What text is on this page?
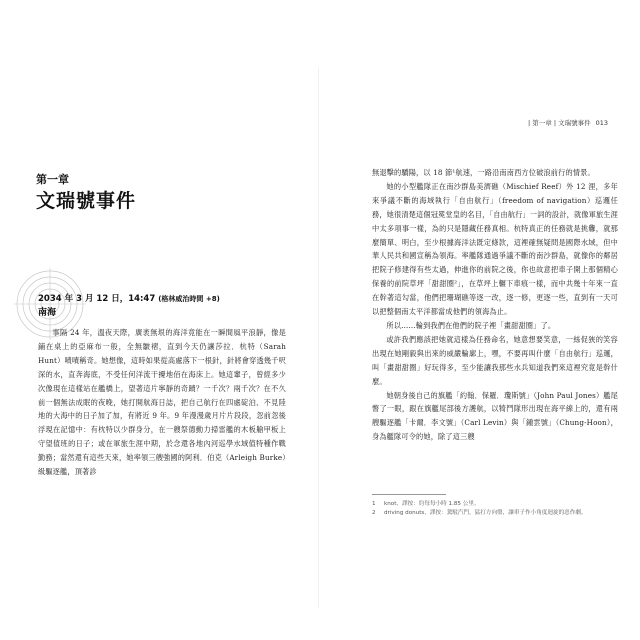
| 第一章 | 文瑞號事件 013
第一章
文瑞號事件
2034 年 3 月 12 日，14:47 (格林威治時間 +8)
南海

事隔 24 年，溫夜天際，廣袤無垠的海洋竟能在一瞬間風平浪靜，像是鋪在桌上的亞麻布一般，全無皺褶，直到今天仍讓莎拉．杭特（Sarah Hunt）嘖嘖稱奇。她想像，這時如果從高處落下一根針，針將會穿透幾千呎深的水，直奔海底，不受任何洋流干擾地佰在海床上。她這輩子，曾經多少次像現在這樣站在艦橋上，望著這片寧靜的奇蹟？一千次？兩千次？在不久前一個無法成眠的夜晚，她打開航海日誌，把自己航行在四處碇泊、不見陸地的大海中的日子加了加，有將近 9 年。9 年漫漫歲月片片段段，忽前忽後浮現在記憶中：有枕特以少群身分，在一艘祭德動力掃雷艦的木板艙甲板上守望值班的日子；或在軍旅生涯中期，於念還各地內河巡學水域值特種作戰勤務；當然還有這些天來，她率領三艘強國的阿利．伯克（Arleigh Burke）級驅逐艦，頂著診

無退擊的驕陽，以 18 節¹航速，一路沿南南西方位破浪前行的情景。

她的小型艦隊正在南沙群島美濟礁（Mischief Reef）外 12 浬，多年來爭議不斷的海域執行「自由航行」（freedom of navigation）巡邏任務，她很清楚這個冠冕堂皇的名目，「自由航行」一詞的設計，就像軍旅生涯中太多項事一樣，為的只是隱藏任務真相。杭特真正的任務就是挑釁，就那麼簡單、明白，至少根據海洋法既定條款，這裡確無疑問是國際水域，但中華人民共和國宣稱為領海。率艦隊通過爭議不斷的南沙群島，就像你的鄰居把院子修建得有些太過，伸進你的前院之後，你也故意把車子開上那個精心保養的前院草坪「甜甜圈²」，在草坪上輾下車痕一樣，而中共幾十年來一直在幹著這勾當，他們把珊瑚礁等逐一改，逐一修，更逐一些，直到有一天可以把整個南太平洋都當成他們的領海為止。

所以……輪到我們在他們的院子裡「畫甜甜圈」了。

或許我們應該把她就這樣為任務命名，她意想要笑意，一絲促狹的笑容出現在她剛毅與出來的威嚴輪廓上，嘿，不要再叫什麼「自由航行」巡邏，叫「畫甜甜圈」好玩得多，至少能讓我那些水兵知道我們來這裡究竟是幹什麼。

她朝身後自己的旗艦「約翰．保羅．瓊斯號」（John Paul Jones）艦尾瞥了一眼，跟在旗艦尾部後方護航，以犄鬥隊形出現在海平線上的，還有兩艘驅逐艦「卡爾．李文號」（Carl Levin）與「鍾雲號」（Chung-Hoon），身為艦隊可令的她，除了這三艘

1 knot，譯按：約每每小時 1.85 公里。
2 driving donuts，譯按：駕駁汽門，猛打方向盤，讓車子作小角度迴旋的惡作劇。
